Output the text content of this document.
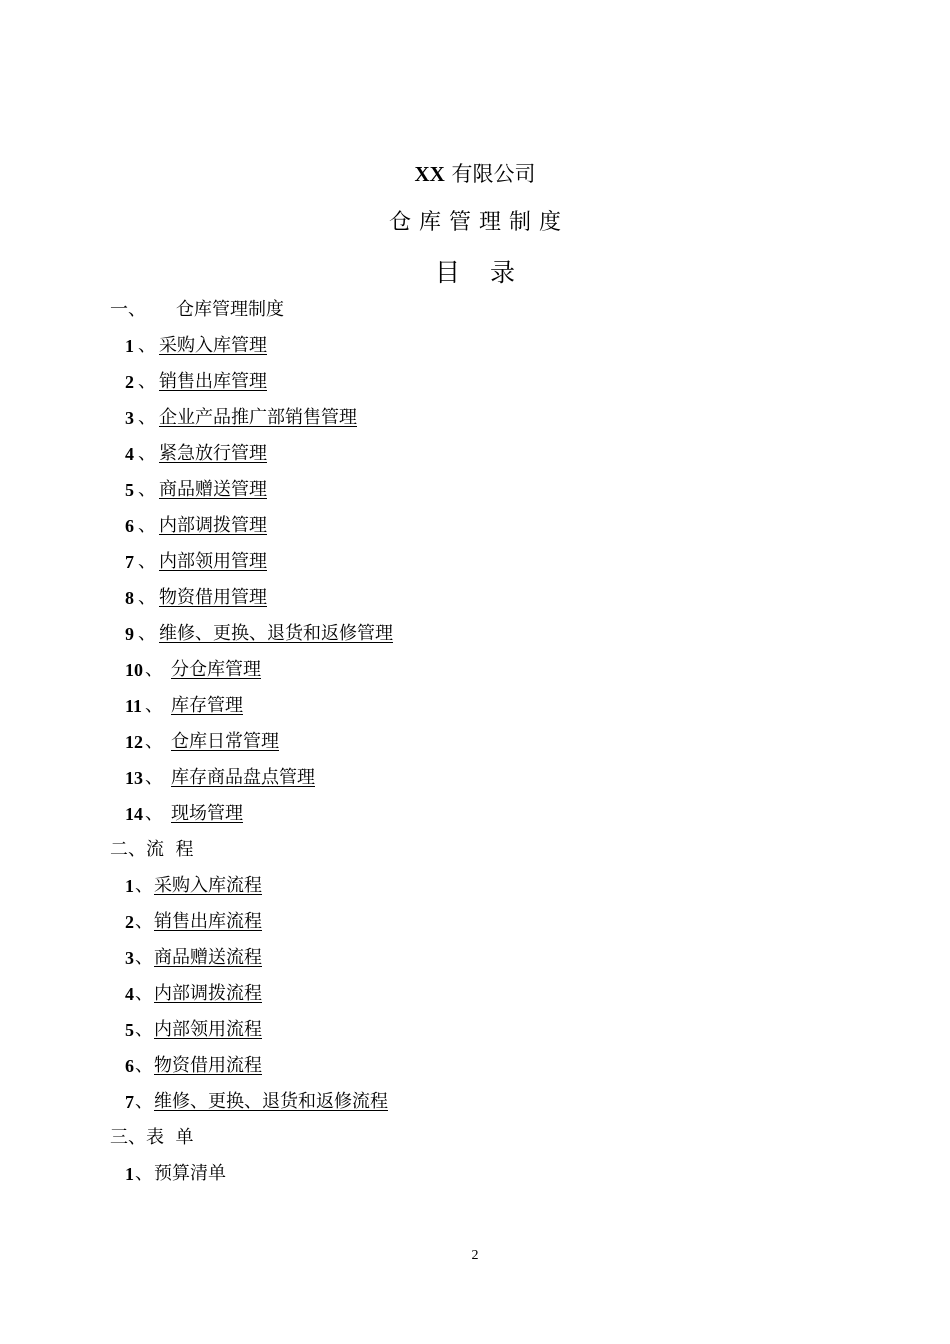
XX 有限公司
仓库管理制度
目录
一、 仓库管理制度
1 、 采购入库管理
2 、 销售出库管理
3 、 企业产品推广部销售管理
4 、 紧急放行管理
5 、 商品赠送管理
6 、 内部调拨管理
7 、 内部领用管理
8 、 物资借用管理
9 、 维修、更换、退货和返修管理
10 、 分仓库管理
11 、 库存管理
12 、 仓库日常管理
13 、 库存商品盘点管理
14 、 现场管理
二、流  程
1 、 采购入库流程
2 、 销售出库流程
3 、 商品赠送流程
4 、 内部调拨流程
5 、 内部领用流程
6 、 物资借用流程
7 、 维修、更换、退货和返修流程
三、表  单
1 、 预算清单
2
